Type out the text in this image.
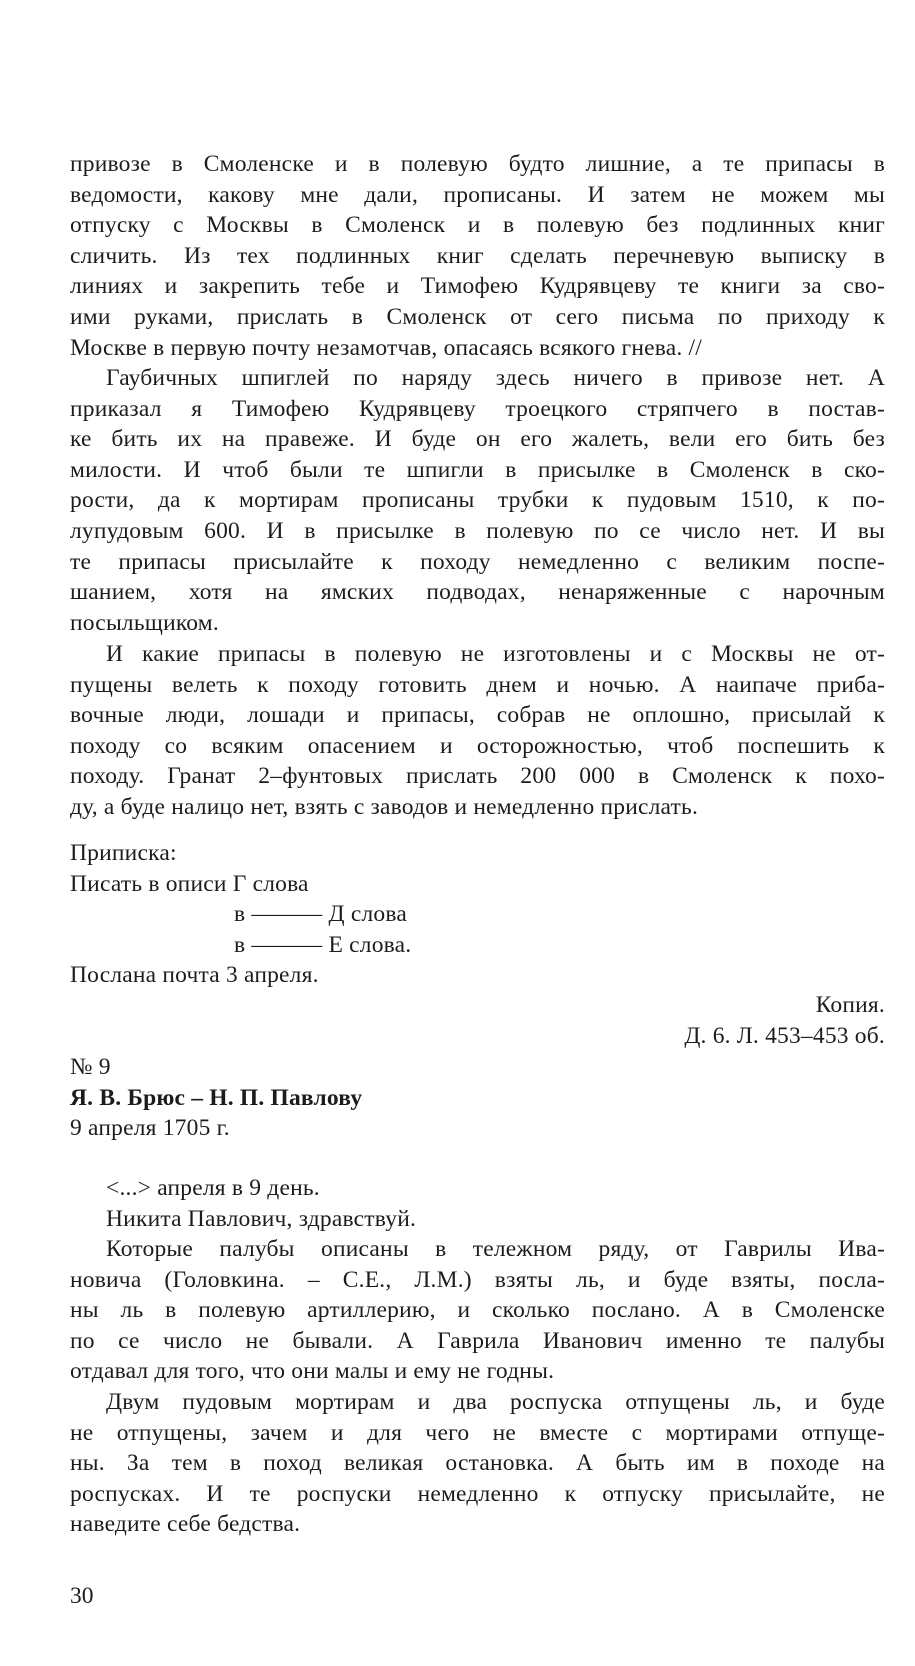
привозе в Смоленске и в полевую будто лишние, а те припасы в
ведомости, какову мне дали, прописаны. И затем не можем мы
отпуску с Москвы в Смоленск и в полевую без подлинных книг
сличить. Из тех подлинных книг сделать перечневую выписку в
линиях и закрепить тебе и Тимофею Кудрявцеву те книги за сво-
ими руками, прислать в Смоленск от сего письма по приходу к
Москве в первую почту незамотчав, опасаясь всякого гнева. //
Гаубичных шпиглей по наряду здесь ничего в привозе нет. А
приказал я Тимофею Кудрявцеву троецкого стряпчего в постав-
ке бить их на правеже. И буде он его жалеть, вели его бить без
милости. И чтоб были те шпигли в присылке в Смоленск в ско-
рости, да к мортирам прописаны трубки к пудовым 1510, к по-
лупудовым 600. И в присылке в полевую по се число нет. И вы
те припасы присылайте к походу немедленно с великим поспе-
шанием, хотя на ямских подводах, ненаряженные с нарочным
посыльщиком.
И какие припасы в полевую не изготовлены и с Москвы не от-
пущены велеть к походу готовить днем и ночью. А наипаче приба-
вочные люди, лошади и припасы, собрав не оплошно, присылай к
походу со всяким опасением и осторожностью, чтоб поспешить к
походу. Гранат 2–фунтовых прислать 200 000 в Смоленск к похо-
ду, а буде налицо нет, взять с заводов и немедленно прислать.
Приписка:
Писать в описи Г слова
в ——— Д слова
в ——— Е слова.
Послана почта 3 апреля.
Копия.
Д. 6. Л. 453–453 об.
№ 9
Я. В. Брюс – Н. П. Павлову
9 апреля 1705 г.
<...> апреля в 9 день.
Никита Павлович, здравствуй.
Которые палубы описаны в тележном ряду, от Гаврилы Ива-
новича (Головкина. – С.Е., Л.М.) взяты ль, и буде взяты, посла-
ны ль в полевую артиллерию, и сколько послано. А в Смоленске
по се число не бывали. А Гаврила Иванович именно те палубы
отдавал для того, что они малы и ему не годны.
Двум пудовым мортирам и два роспуска отпущены ль, и буде
не отпущены, зачем и для чего не вместе с мортирами отпуще-
ны. За тем в поход великая остановка. А быть им в походе на
роспусках. И те роспуски немедленно к отпуску присылайте, не
наведите себе бедства.
30
